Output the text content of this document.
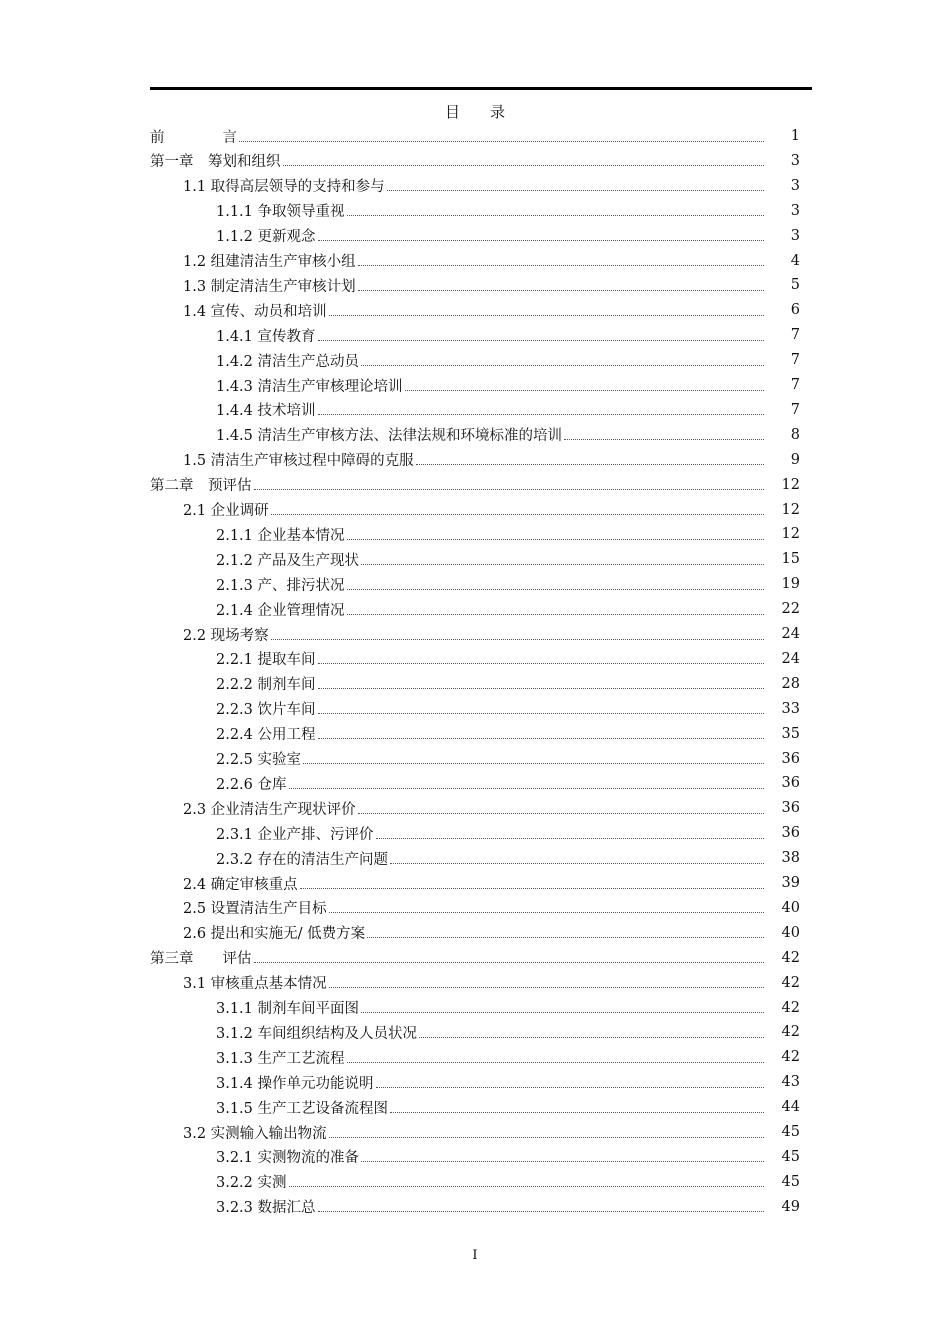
目　　录
前　　　　言	1
第一章　筹划和组织	3
1.1 取得高层领导的支持和参与	3
1.1.1 争取领导重视	3
1.1.2 更新观念	3
1.2 组建清洁生产审核小组	4
1.3 制定清洁生产审核计划	5
1.4 宣传、动员和培训	6
1.4.1 宣传教育	7
1.4.2 清洁生产总动员	7
1.4.3 清洁生产审核理论培训	7
1.4.4 技术培训	7
1.4.5 清洁生产审核方法、法律法规和环境标准的培训	8
1.5 清洁生产审核过程中障碍的克服	9
第二章　预评估	12
2.1 企业调研	12
2.1.1 企业基本情况	12
2.1.2 产品及生产现状	15
2.1.3 产、排污状况	19
2.1.4 企业管理情况	22
2.2 现场考察	24
2.2.1 提取车间	24
2.2.2 制剂车间	28
2.2.3 饮片车间	33
2.2.4 公用工程	35
2.2.5 实验室	36
2.2.6 仓库	36
2.3 企业清洁生产现状评价	36
2.3.1 企业产排、污评价	36
2.3.2 存在的清洁生产问题	38
2.4 确定审核重点	39
2.5 设置清洁生产目标	40
2.6 提出和实施无/ 低费方案	40
第三章　　评估	42
3.1 审核重点基本情况	42
3.1.1 制剂车间平面图	42
3.1.2 车间组织结构及人员状况	42
3.1.3 生产工艺流程	42
3.1.4 操作单元功能说明	43
3.1.5 生产工艺设备流程图	44
3.2 实测输入输出物流	45
3.2.1 实测物流的准备	45
3.2.2 实测	45
3.2.3 数据汇总	49
I
